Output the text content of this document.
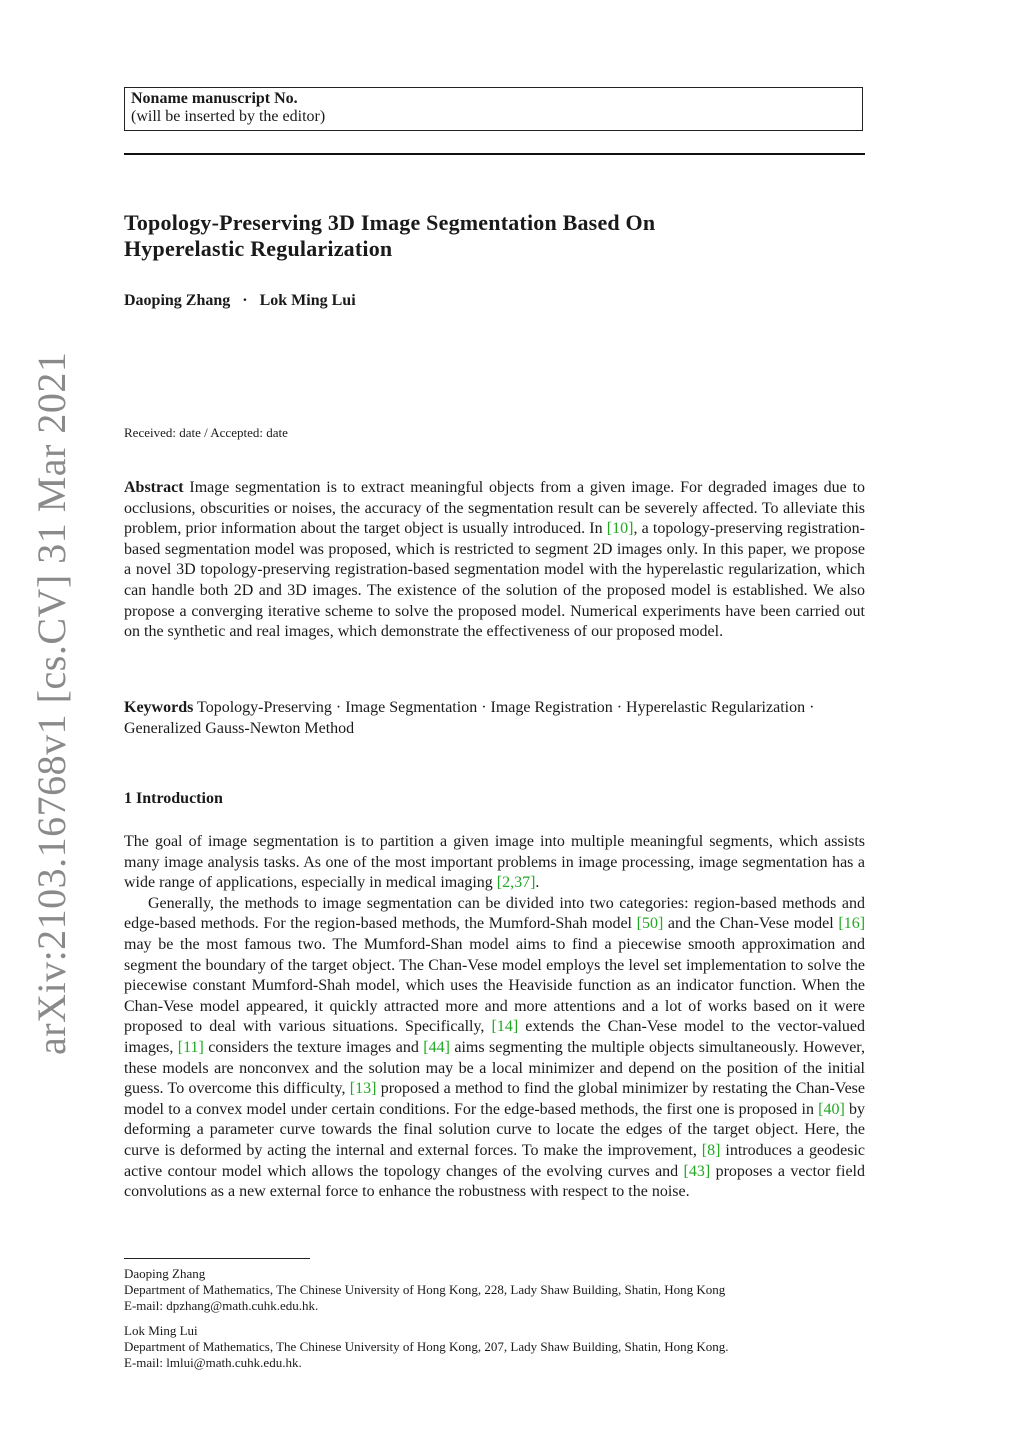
arXiv:2103.16768v1 [cs.CV] 31 Mar 2021
Noname manuscript No.
(will be inserted by the editor)
Topology-Preserving 3D Image Segmentation Based On
Hyperelastic Regularization
Daoping Zhang · Lok Ming Lui
Received: date / Accepted: date

Abstract Image segmentation is to extract meaningful objects from a given image. For degraded images due to occlusions, obscurities or noises, the accuracy of the segmentation result can be severely affected. To alleviate this problem, prior information about the target object is usually introduced. In [10], a topology-preserving registration-based segmentation model was proposed, which is restricted to segment 2D images only. In this paper, we propose a novel 3D topology-preserving registration-based segmentation model with the hyperelastic regularization, which can handle both 2D and 3D images. The existence of the solution of the proposed model is established. We also propose a converging iterative scheme to solve the proposed model. Numerical experiments have been carried out on the synthetic and real images, which demonstrate the effectiveness of our proposed model.

Keywords Topology-Preserving · Image Segmentation · Image Registration · Hyperelastic Regularization · Generalized Gauss-Newton Method

1 Introduction

The goal of image segmentation is to partition a given image into multiple meaningful segments, which assists many image analysis tasks. As one of the most important problems in image processing, image segmentation has a wide range of applications, especially in medical imaging [2,37].

Generally, the methods to image segmentation can be divided into two categories: region-based methods and edge-based methods. For the region-based methods, the Mumford-Shah model [50] and the Chan-Vese model [16] may be the most famous two. The Mumford-Shan model aims to find a piecewise smooth approximation and segment the boundary of the target object. The Chan-Vese model employs the level set implementation to solve the piecewise constant Mumford-Shah model, which uses the Heaviside function as an indicator function. When the Chan-Vese model appeared, it quickly attracted more and more attentions and a lot of works based on it were proposed to deal with various situations. Specifically, [14] extends the Chan-Vese model to the vector-valued images, [11] considers the texture images and [44] aims segmenting the multiple objects simultaneously. However, these models are nonconvex and the solution may be a local minimizer and depend on the position of the initial guess. To overcome this difficulty, [13] proposed a method to find the global minimizer by restating the Chan-Vese model to a convex model under certain conditions. For the edge-based methods, the first one is proposed in [40] by deforming a parameter curve towards the final solution curve to locate the edges of the target object. Here, the curve is deformed by acting the internal and external forces. To make the improvement, [8] introduces a geodesic active contour model which allows the topology changes of the evolving curves and [43] proposes a vector field convolutions as a new external force to enhance the robustness with respect to the noise.

Daoping Zhang
Department of Mathematics, The Chinese University of Hong Kong, 228, Lady Shaw Building, Shatin, Hong Kong
E-mail: dpzhang@math.cuhk.edu.hk.
Lok Ming Lui
Department of Mathematics, The Chinese University of Hong Kong, 207, Lady Shaw Building, Shatin, Hong Kong.
E-mail: lmlui@math.cuhk.edu.hk.
